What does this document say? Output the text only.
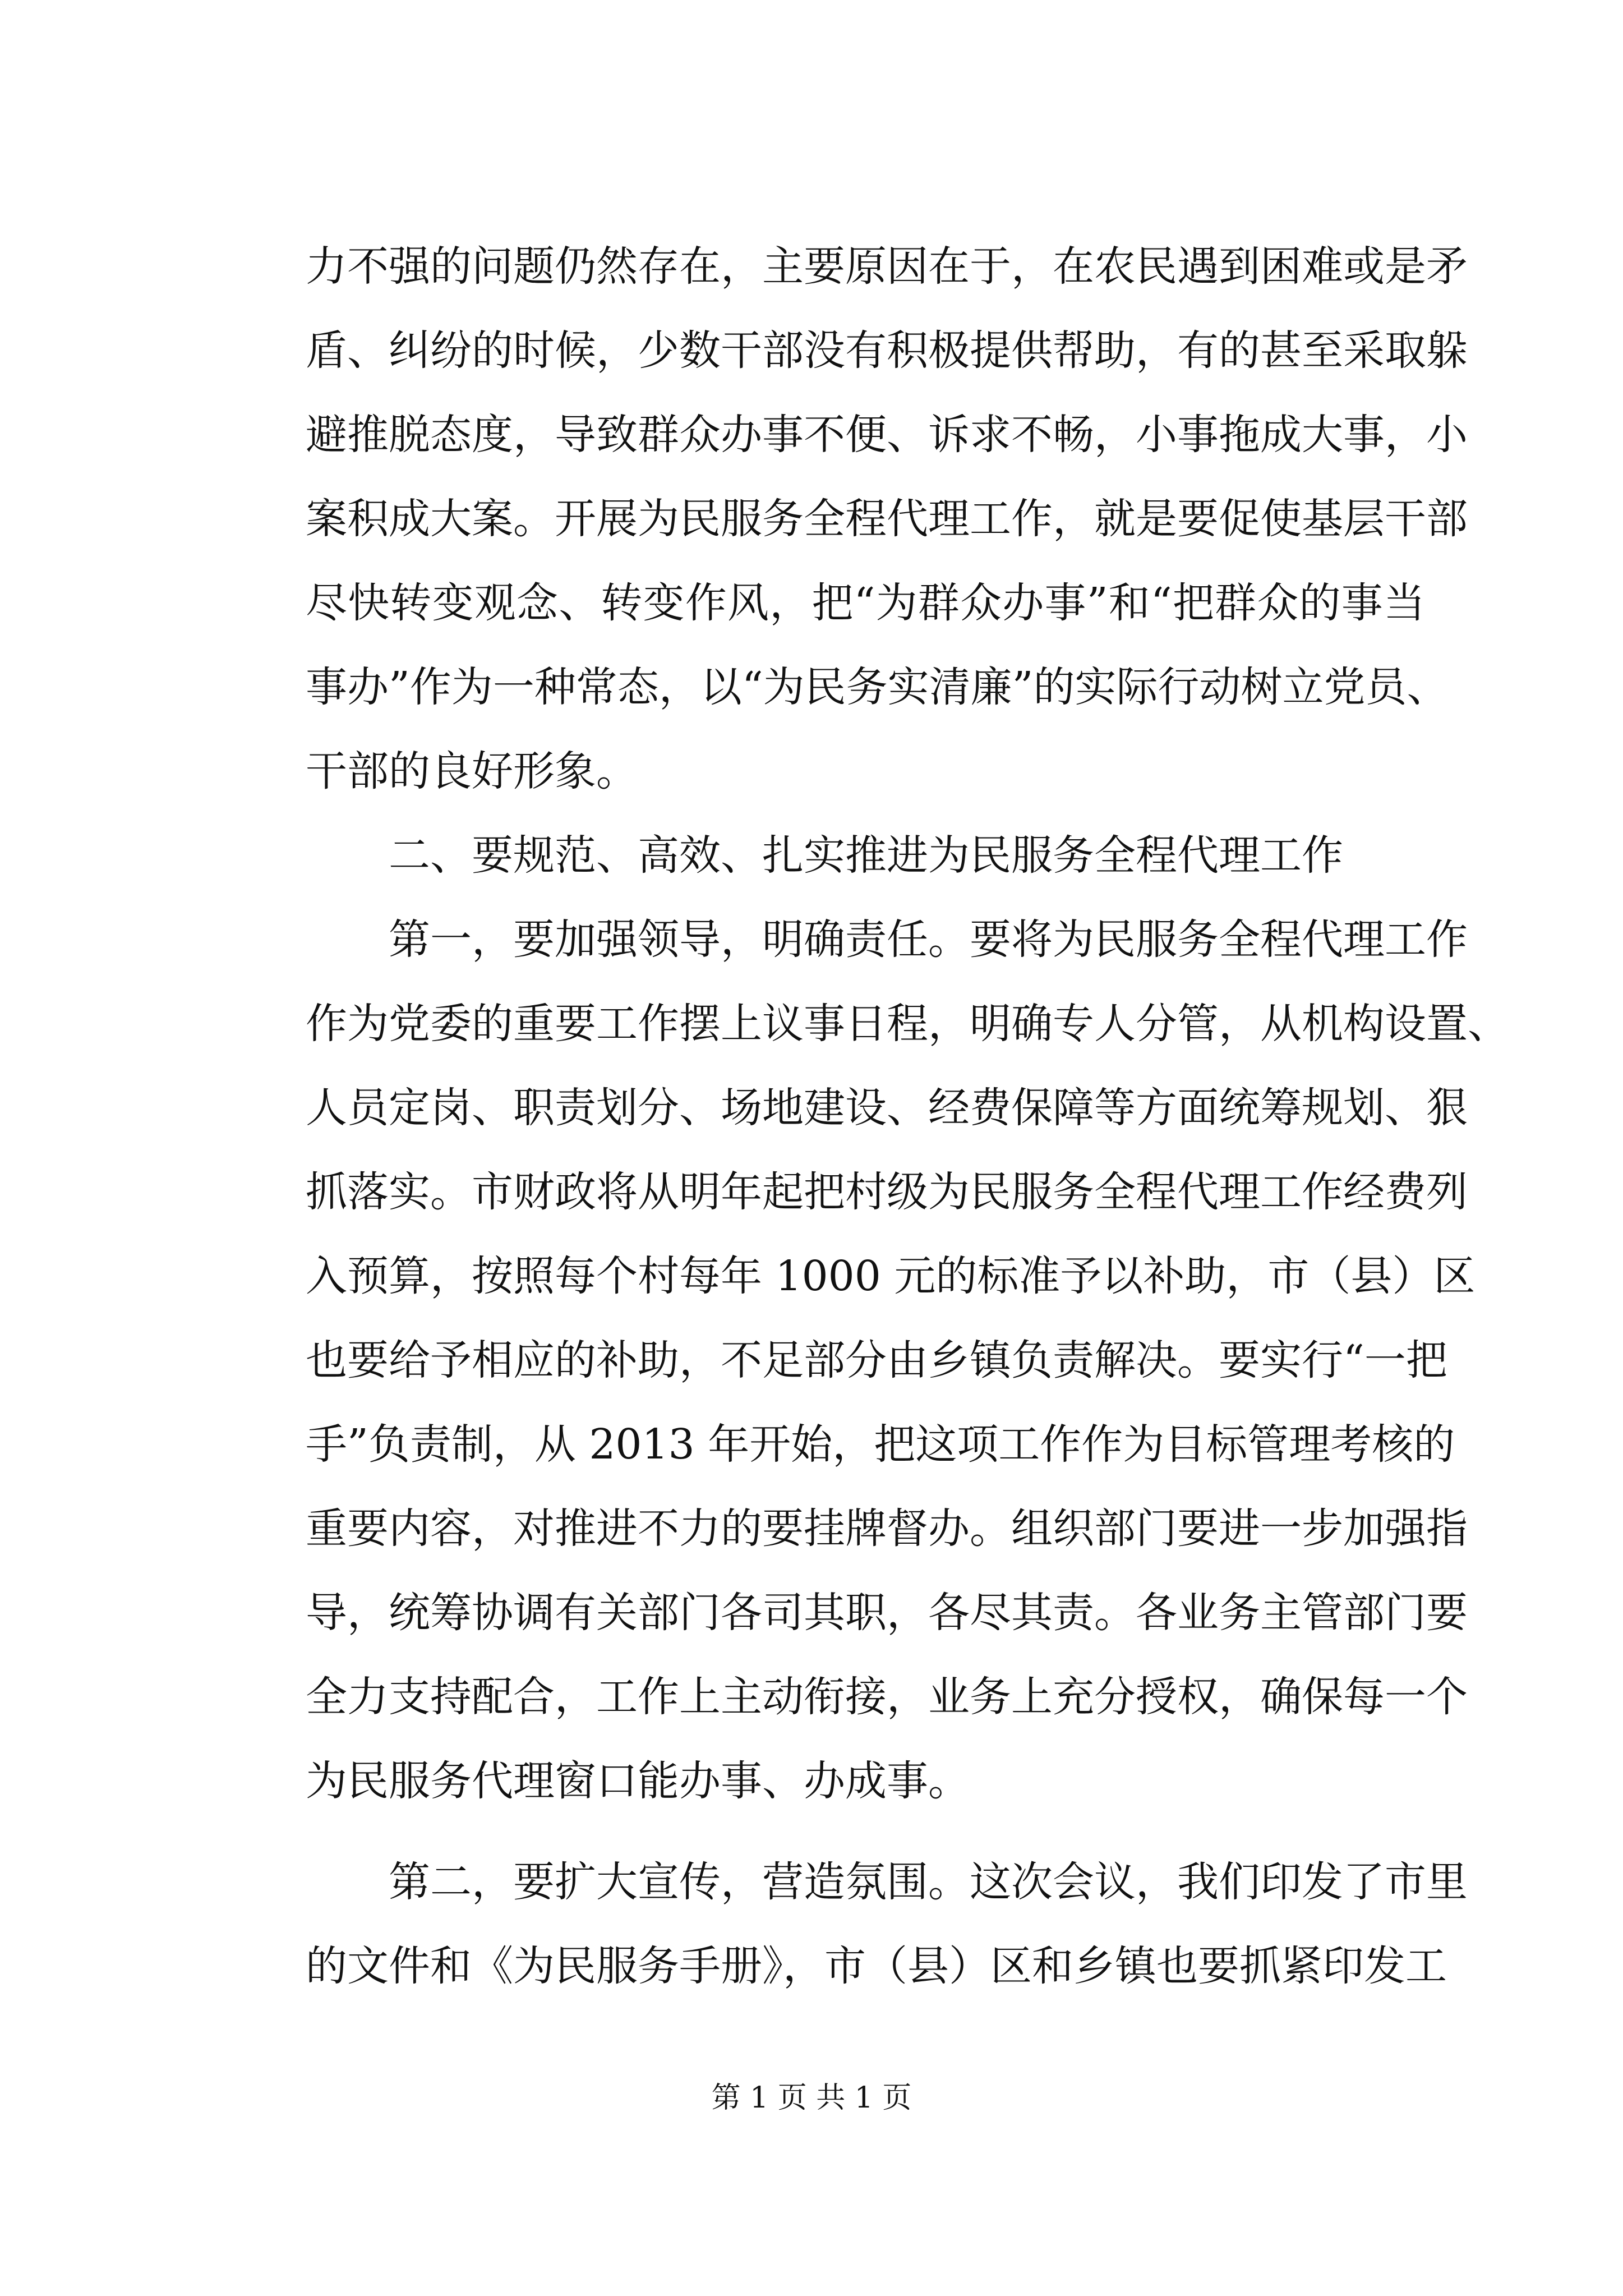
力不强的问题仍然存在，主要原因在于，在农民遇到困难或是矛
盾、纠纷的时候，少数干部没有积极提供帮助，有的甚至采取躲
避推脱态度，导致群众办事不便、诉求不畅，小事拖成大事，小
案积成大案。开展为民服务全程代理工作，就是要促使基层干部
尽快转变观念、转变作风，把“为群众办事”和“把群众的事当
事办”作为一种常态，以“为民务实清廉”的实际行动树立党员、
干部的良好形象。
　　二、要规范、高效、扎实推进为民服务全程代理工作
　　第一，要加强领导，明确责任。要将为民服务全程代理工作
作为党委的重要工作摆上议事日程，明确专人分管，从机构设置、
人员定岗、职责划分、场地建设、经费保障等方面统筹规划、狠
抓落实。市财政将从明年起把村级为民服务全程代理工作经费列
入预算，按照每个村每年 1000 元的标准予以补助，市（县）区
也要给予相应的补助，不足部分由乡镇负责解决。要实行“一把
手”负责制，从 2013 年开始，把这项工作作为目标管理考核的
重要内容，对推进不力的要挂牌督办。组织部门要进一步加强指
导，统筹协调有关部门各司其职，各尽其责。各业务主管部门要
全力支持配合，工作上主动衔接，业务上充分授权，确保每一个
为民服务代理窗口能办事、办成事。
　　第二，要扩大宣传，营造氛围。这次会议，我们印发了市里
的文件和《为民服务手册》，市（县）区和乡镇也要抓紧印发工
第 1 页 共 1 页
